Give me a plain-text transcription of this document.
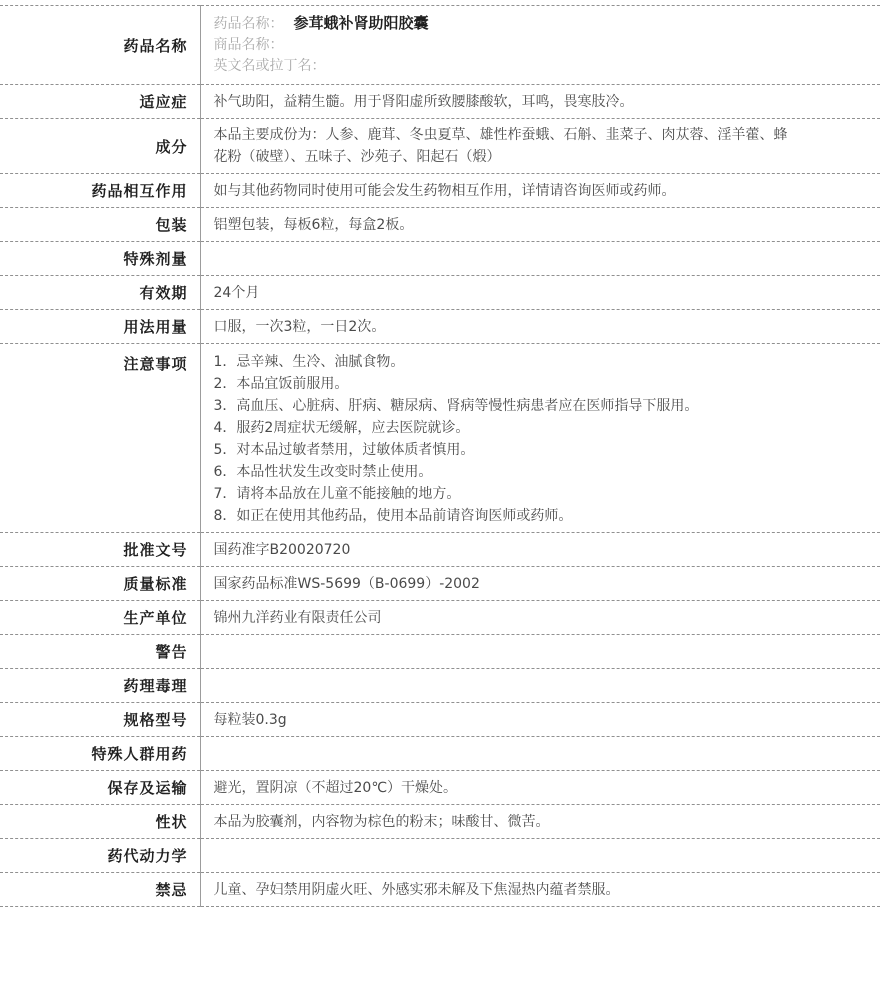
药品名称	药品名称： 参茸蛾补肾助阳胶囊
商品名称：
英文名或拉丁名：

适应症	补气助阳，益精生髓。用于肾阳虚所致腰膝酸软，耳鸣，畏寒肢冷。
成分	本品主要成份为：人参、鹿茸、冬虫夏草、雄性柞蚕蛾、石斛、韭菜子、肉苁蓉、淫羊藿、蜂花粉（破壁）、五味子、沙苑子、阳起石（煅）

药品相互作用	如与其他药物同时使用可能会发生药物相互作用，详情请咨询医师或药师。
包装	铝塑包装，每板6粒，每盒2板。
特殊剂量	
有效期	24个月
用法用量	口服，一次3粒，一日2次。
注意事项	1．忌辛辣、生冷、油腻食物。
2．本品宜饭前服用。
3．高血压、心脏病、肝病、糖尿病、肾病等慢性病患者应在医师指导下服用。
4．服药2周症状无缓解，应去医院就诊。
5．对本品过敏者禁用，过敏体质者慎用。
6．本品性状发生改变时禁止使用。
7．请将本品放在儿童不能接触的地方。
8．如正在使用其他药品，使用本品前请咨询医师或药师。

批准文号	国药准字B20020720
质量标准	国家药品标准WS-5699（B-0699）-2002
生产单位	锦州九洋药业有限责任公司
警告	
药理毒理	
规格型号	每粒装0.3g
特殊人群用药	
保存及运输	避光，置阴凉（不超过20℃）干燥处。
性状	本品为胶囊剂，内容物为棕色的粉末；味酸甘、微苦。
药代动力学	
禁忌	儿童、孕妇禁用阴虚火旺、外感实邪未解及下焦湿热内蕴者禁服。
